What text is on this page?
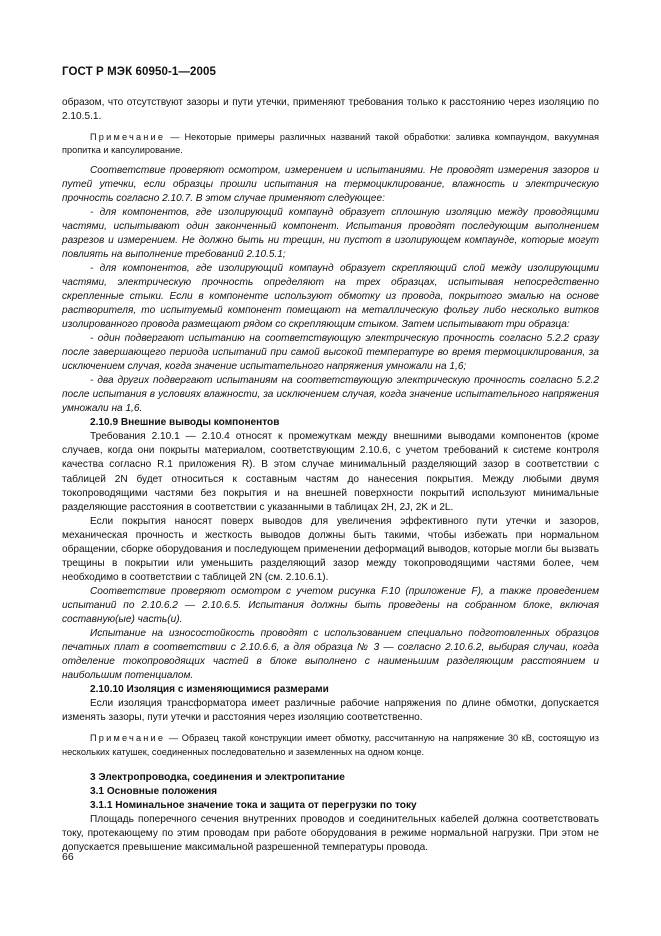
ГОСТ Р МЭК 60950-1—2005

образом, что отсутствуют зазоры и пути утечки, применяют требования только к расстоянию через изоляцию по 2.10.5.1.

Примечание — Некоторые примеры различных названий такой обработки: заливка компаундом, вакуумная пропитка и капсулирование.

Соответствие проверяют осмотром, измерением и испытаниями. Не проводят измерения зазоров и путей утечки, если образцы прошли испытания на термоциклирование, влажность и электрическую прочность согласно 2.10.7. В этом случае применяют следующее:

- для компонентов, где изолирующий компаунд образует сплошную изоляцию между проводящими частями, испытывают один законченный компонент. Испытания проводят последующим выполнением разрезов и измерением. Не должно быть ни трещин, ни пустот в изолирующем компаунде, которые могут повлиять на выполнение требований 2.10.5.1;

- для компонентов, где изолирующий компаунд образует скрепляющий слой между изолирующими частями, электрическую прочность определяют на трех образцах, испытывая непосредственно скрепленные стыки. Если в компоненте используют обмотку из провода, покрытого эмалью на основе растворителя, то испытуемый компонент помещают на металлическую фольгу либо несколько витков изолированного провода размещают рядом со скрепляющим стыком. Затем испытывают три образца:

- один подвергают испытанию на соответствующую электрическую прочность согласно 5.2.2 сразу после завершающего периода испытаний при самой высокой температуре во время термоциклирования, за исключением случая, когда значение испытательного напряжения умножали на 1,6;

- два других подвергают испытаниям на соответствующую электрическую прочность согласно 5.2.2 после испытания в условиях влажности, за исключением случая, когда значение испытательного напряжения умножали на 1,6.

2.10.9 Внешние выводы компонентов

Требования 2.10.1 — 2.10.4 относят к промежуткам между внешними выводами компонентов (кроме случаев, когда они покрыты материалом, соответствующим 2.10.6, с учетом требований к системе контроля качества согласно R.1 приложения R). В этом случае минимальный разделяющий зазор в соответствии с таблицей 2N будет относиться к составным частям до нанесения покрытия. Между любыми двумя токопроводящими частями без покрытия и на внешней поверхности покрытий используют минимальные разделяющие расстояния в соответствии с указанными в таблицах 2H, 2J, 2K и 2L.

Если покрытия наносят поверх выводов для увеличения эффективного пути утечки и зазоров, механическая прочность и жесткость выводов должны быть такими, чтобы избежать при нормальном обращении, сборке оборудования и последующем применении деформаций выводов, которые могли бы вызвать трещины в покрытии или уменьшить разделяющий зазор между токопроводящими частями более, чем необходимо в соответствии с таблицей 2N (см. 2.10.6.1).

Соответствие проверяют осмотром с учетом рисунка F.10 (приложение F), а также проведением испытаний по 2.10.6.2 — 2.10.6.5. Испытания должны быть проведены на собранном блоке, включая составную(ые) часть(и).

Испытание на износостойкость проводят с использованием специально подготовленных образцов печатных плат в соответствии с 2.10.6.6, а для образца № 3 — согласно 2.10.6.2, выбирая случаи, когда отделение токопроводящих частей в блоке выполнено с наименьшим разделяющим расстоянием и наибольшим потенциалом.

2.10.10 Изоляция с изменяющимися размерами

Если изоляция трансформатора имеет различные рабочие напряжения по длине обмотки, допускается изменять зазоры, пути утечки и расстояния через изоляцию соответственно.

Примечание — Образец такой конструкции имеет обмотку, рассчитанную на напряжение 30 кВ, состоящую из нескольких катушек, соединенных последовательно и заземленных на одном конце.

3 Электропроводка, соединения и электропитание

3.1 Основные положения

3.1.1 Номинальное значение тока и защита от перегрузки по току

Площадь поперечного сечения внутренних проводов и соединительных кабелей должна соответствовать току, протекающему по этим проводам при работе оборудования в режиме нормальной нагрузки. При этом не допускается превышение максимальной разрешенной температуры провода.

66
